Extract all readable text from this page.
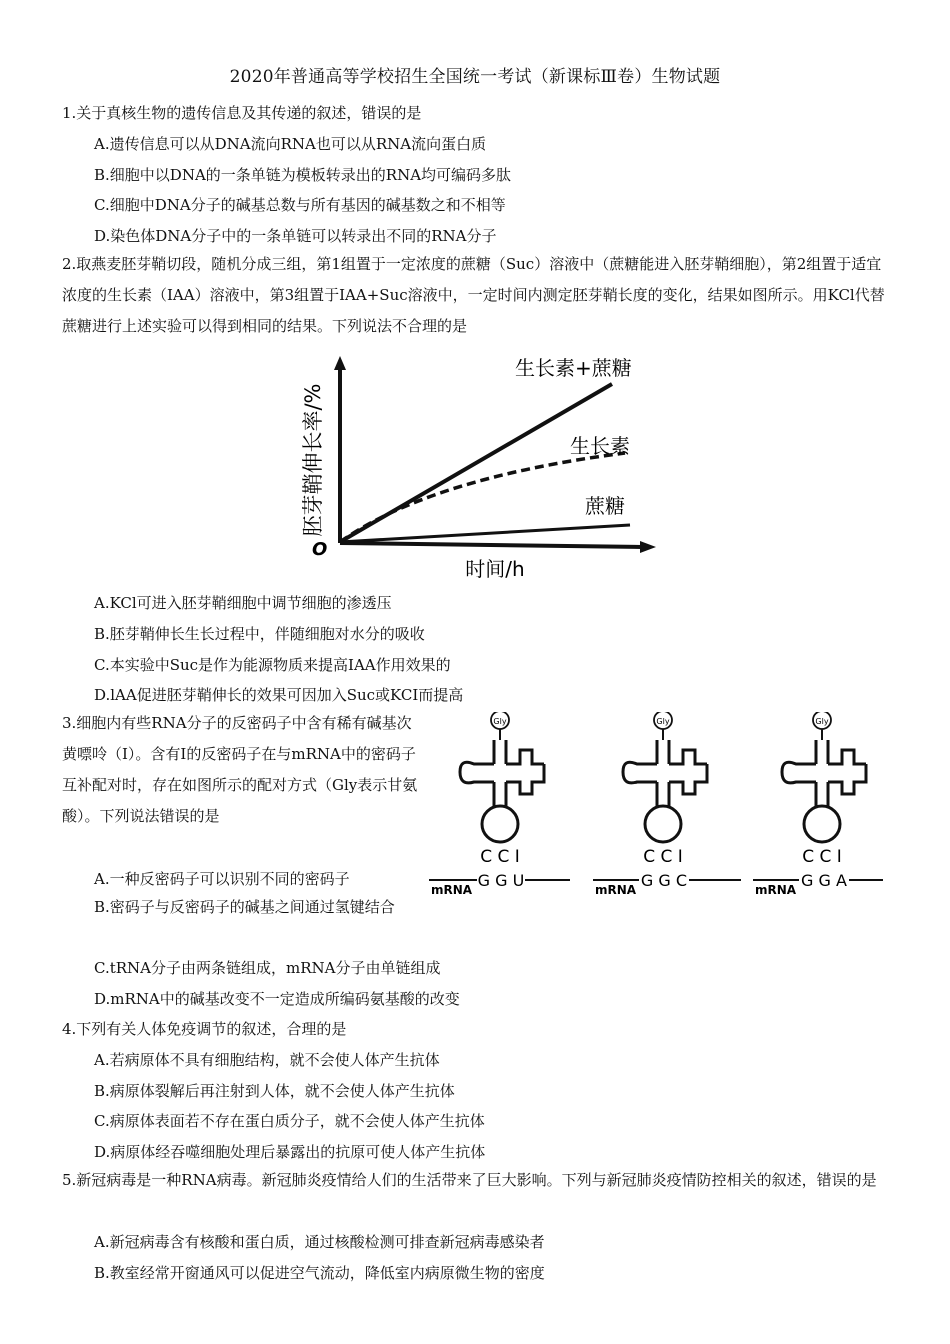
2020年普通高等学校招生全国统一考试（新课标Ⅲ卷）生物试题
1.关于真核生物的遗传信息及其传递的叙述，错误的是
A.遗传信息可以从DNA流向RNA也可以从RNA流向蛋白质
B.细胞中以DNA的一条单链为模板转录出的RNA均可编码多肽
C.细胞中DNA分子的碱基总数与所有基因的碱基数之和不相等
D.染色体DNA分子中的一条单链可以转录出不同的RNA分子
2.取燕麦胚芽鞘切段，随机分成三组，第1组置于一定浓度的蔗糖（Suc）溶液中（蔗糖能进入胚芽鞘细胞），第2组置于适宜浓度的生长素（IAA）溶液中，第3组置于IAA+Suc溶液中，一定时间内测定胚芽鞘长度的变化，结果如图所示。用KCl代替蔗糖进行上述实验可以得到相同的结果。下列说法不合理的是
O
胚芽鞘伸长率/%
时间/h
生长素+蔗糖
生长素
蔗糖
A.KCl可进入胚芽鞘细胞中调节细胞的渗透压
B.胚芽鞘伸长生长过程中，伴随细胞对水分的吸收
C.本实验中Suc是作为能源物质来提高IAA作用效果的
D.lAA促进胚芽鞘伸长的效果可因加入Suc或KCI而提高
3.细胞内有些RNA分子的反密码子中含有稀有碱基次黄嘌呤（I）。含有I的反密码子在与mRNA中的密码子互补配对时，存在如图所示的配对方式（Gly表示甘氨酸）。下列说法错误的是
Gly
C C I
mRNA G G U
Gly
C C I
mRNA G G C
Gly
C C I
mRNA G G A
A.一种反密码子可以识别不同的密码子
B.密码子与反密码子的碱基之间通过氢键结合
C.tRNA分子由两条链组成，mRNA分子由单链组成
D.mRNA中的碱基改变不一定造成所编码氨基酸的改变
4.下列有关人体免疫调节的叙述，合理的是
A.若病原体不具有细胞结构，就不会使人体产生抗体
B.病原体裂解后再注射到人体，就不会使人体产生抗体
C.病原体表面若不存在蛋白质分子，就不会使人体产生抗体
D.病原体经吞噬细胞处理后暴露出的抗原可使人体产生抗体
5.新冠病毒是一种RNA病毒。新冠肺炎疫情给人们的生活带来了巨大影响。下列与新冠肺炎疫情防控相关的叙述，错误的是
A.新冠病毒含有核酸和蛋白质，通过核酸检测可排查新冠病毒感染者
B.教室经常开窗通风可以促进空气流动，降低室内病原微生物的密度
